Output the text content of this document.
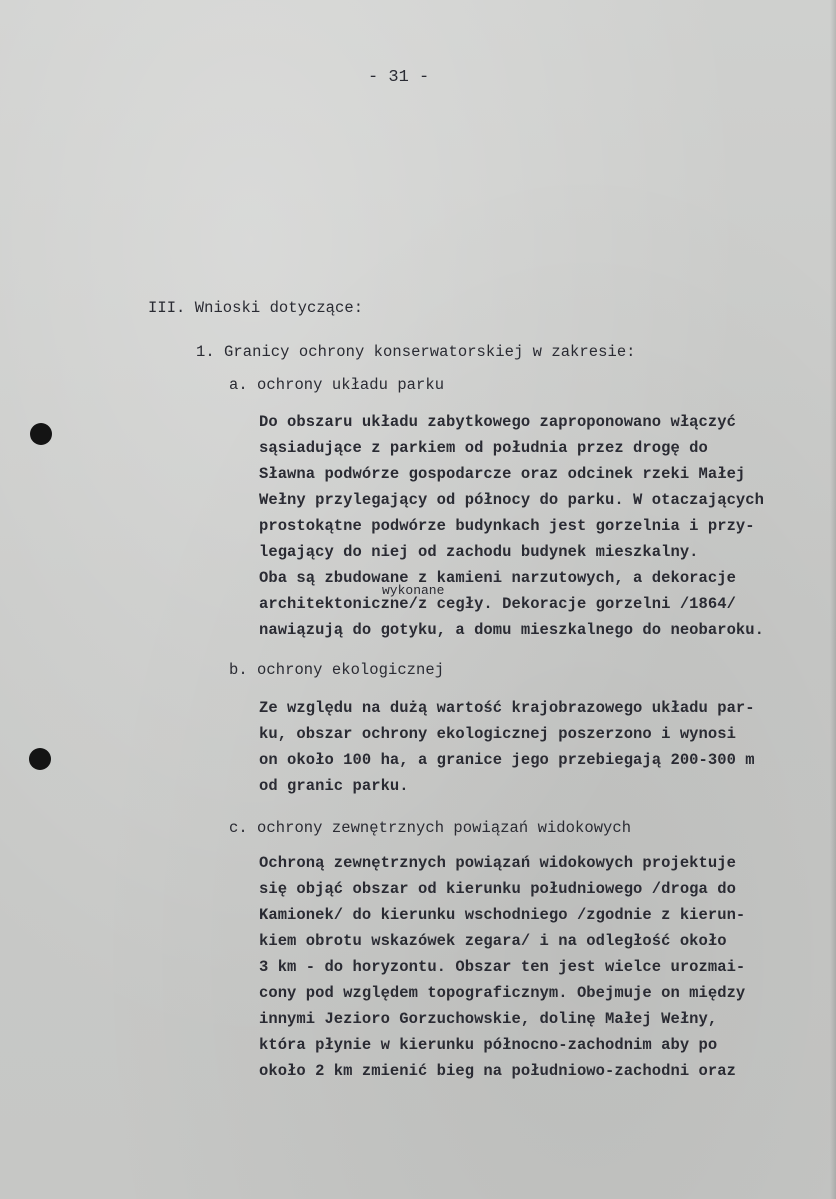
- 31 -
III. Wnioski dotyczące:
1. Granicy ochrony konserwatorskiej w zakresie:
a. ochrony układu parku
Do obszaru układu zabytkowego zaproponowano włączyć
sąsiadujące z parkiem od południa przez drogę do
Sławna podwórze gospodarcze oraz odcinek rzeki Małej
Wełny przylegający od północy do parku. W otaczających
prostokątne podwórze budynkach jest gorzelnia i przy-
legający do niej od zachodu budynek mieszkalny.
Oba są zbudowane z kamieni narzutowych, a dekoracje
wykonane
architektoniczne/z cegły. Dekoracje gorzelni /1864/
nawiązują do gotyku, a domu mieszkalnego do neobaroku.
b. ochrony ekologicznej
Ze względu na dużą wartość krajobrazowego układu par-
ku, obszar ochrony ekologicznej poszerzono i wynosi
on około 100 ha, a granice jego przebiegają 200-300 m
od granic parku.
c. ochrony zewnętrznych powiązań widokowych
Ochroną zewnętrznych powiązań widokowych projektuje
się objąć obszar od kierunku południowego /droga do
Kamionek/ do kierunku wschodniego /zgodnie z kierun-
kiem obrotu wskazówek zegara/ i na odległość około
3 km - do horyzontu. Obszar ten jest wielce urozmai-
cony pod względem topograficznym. Obejmuje on między
innymi Jezioro Gorzuchowskie, dolinę Małej Wełny,
która płynie w kierunku północno-zachodnim aby po
około 2 km zmienić bieg na południowo-zachodni oraz
